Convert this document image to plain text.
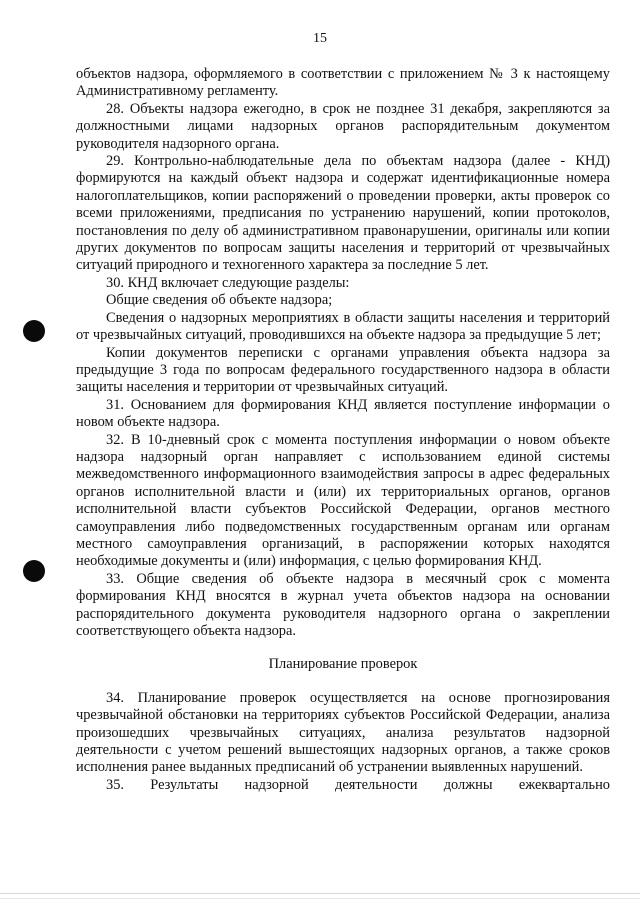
15

объектов надзора, оформляемого в соответствии с приложением № 3 к настоящему Административному регламенту.

28. Объекты надзора ежегодно, в срок не позднее 31 декабря, закрепляются за должностными лицами надзорных органов распорядительным документом руководителя надзорного органа.

29. Контрольно-наблюдательные дела по объектам надзора (далее - КНД) формируются на каждый объект надзора и содержат идентификационные номера налогоплательщиков, копии распоряжений о проведении проверки, акты проверок со всеми приложениями, предписания по устранению нарушений, копии протоколов, постановления по делу об административном правонарушении, оригиналы или копии других документов по вопросам защиты населения и территорий от чрезвычайных ситуаций природного и техногенного характера за последние 5 лет.

30. КНД включает следующие разделы:

Общие сведения об объекте надзора;

Сведения о надзорных мероприятиях в области защиты населения и территорий от чрезвычайных ситуаций, проводившихся на объекте надзора за предыдущие 5 лет;

Копии документов переписки с органами управления объекта надзора за предыдущие 3 года по вопросам федерального государственного надзора в области защиты населения и территории от чрезвычайных ситуаций.

31. Основанием для формирования КНД является поступление информации о новом объекте надзора.

32. В 10-дневный срок с момента поступления информации о новом объекте надзора надзорный орган направляет с использованием единой системы межведомственного информационного взаимодействия запросы в адрес федеральных органов исполнительной власти и (или) их территориальных органов, органов исполнительной власти субъектов Российской Федерации, органов местного самоуправления либо подведомственных государственным органам или органам местного самоуправления организаций, в распоряжении которых находятся необходимые документы и (или) информация, с целью формирования КНД.

33. Общие сведения об объекте надзора в месячный срок с момента формирования КНД вносятся в журнал учета объектов надзора на основании распорядительного документа руководителя надзорного органа о закреплении соответствующего объекта надзора.

Планирование проверок

34. Планирование проверок осуществляется на основе прогнозирования чрезвычайной обстановки на территориях субъектов Российской Федерации, анализа произошедших чрезвычайных ситуациях, анализа результатов надзорной деятельности с учетом решений вышестоящих надзорных органов, а также сроков исполнения ранее выданных предписаний об устранении выявленных нарушений.

35. Результаты надзорной деятельности должны ежеквартально
